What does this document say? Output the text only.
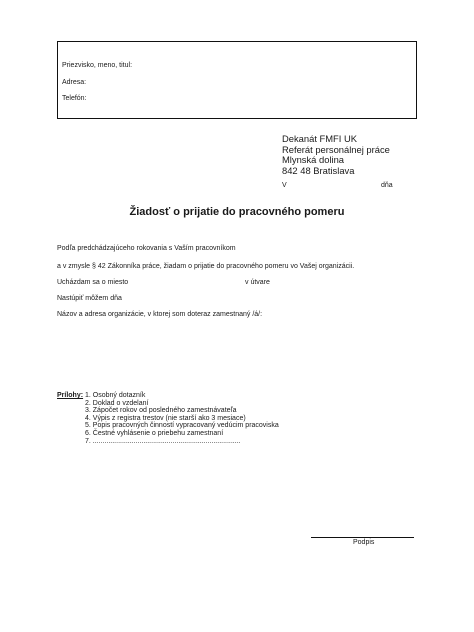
Priezvisko, meno, titul:
Adresa:
Telefón:
Dekanát FMFI UK
Referát personálnej práce
Mlynská dolina
842 48 Bratislava
V	dňa
Žiadosť o prijatie do pracovného pomeru
Podľa predchádzajúceho rokovania s Vaším pracovníkom
a v zmysle § 42 Zákonníka práce, žiadam o prijatie do pracovného pomeru vo Vašej organizácii.
Ucházdam sa o miesto	v útvare
Nastúpiť môžem dňa
Názov a adresa organizácie, v ktorej som doteraz zamestnaný /á/:
Prílohy: 1. Osobný dotazník
2. Doklad o vzdelaní
3. Zápočet rokov od posledného zamestnávateľa
4. Výpis z registra trestov (nie starší ako 3 mesiace)
5. Popis pracovných činností vypracovaný vedúcim pracoviska
6. Čestné vyhlásenie o priebehu zamestnaní
7. ............................................................................
Podpis
